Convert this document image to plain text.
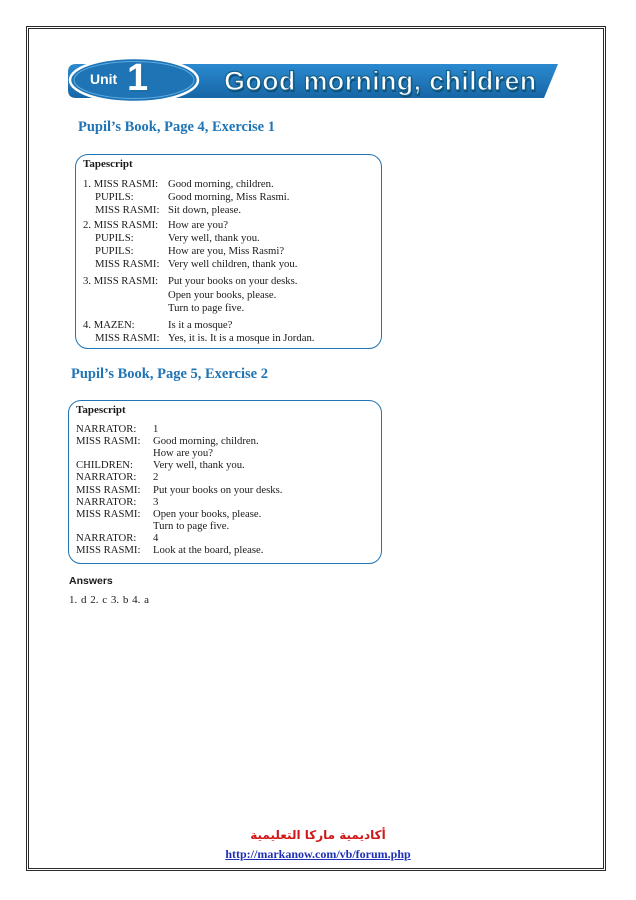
Unit 1	Good morning, children
Pupil’s Book, Page 4, Exercise 1
Tapescript
1. MISS RASMI: Good morning, children.
PUPILS:	Good morning, Miss Rasmi.
MISS RASMI: Sit down, please.
2. MISS RASMI: How are you?
PUPILS:	Very well, thank you.
PUPILS:	How are you, Miss Rasmi?
MISS RASMI: Very well children, thank you.
3. MISS RASMI: Put your books on your desks.
Open your books, please.
Turn to page five.
4. MAZEN:	Is it a mosque?
MISS RASMI: Yes, it is. It is a mosque in Jordan.
Pupil’s Book, Page 5, Exercise 2
Tapescript
NARRATOR: 1
MISS RASMI: Good morning, children.
How are you?
CHILDREN: Very well, thank you.
NARRATOR: 2
MISS RASMI: Put your books on your desks.
NARRATOR: 3
MISS RASMI: Open your books, please.
Turn to page five.
NARRATOR: 4
MISS RASMI: Look at the board, please.
Answers
1. d 2. c 3. b 4. a
أكاديمية ماركا التعليمية
http://markanow.com/vb/forum.php
